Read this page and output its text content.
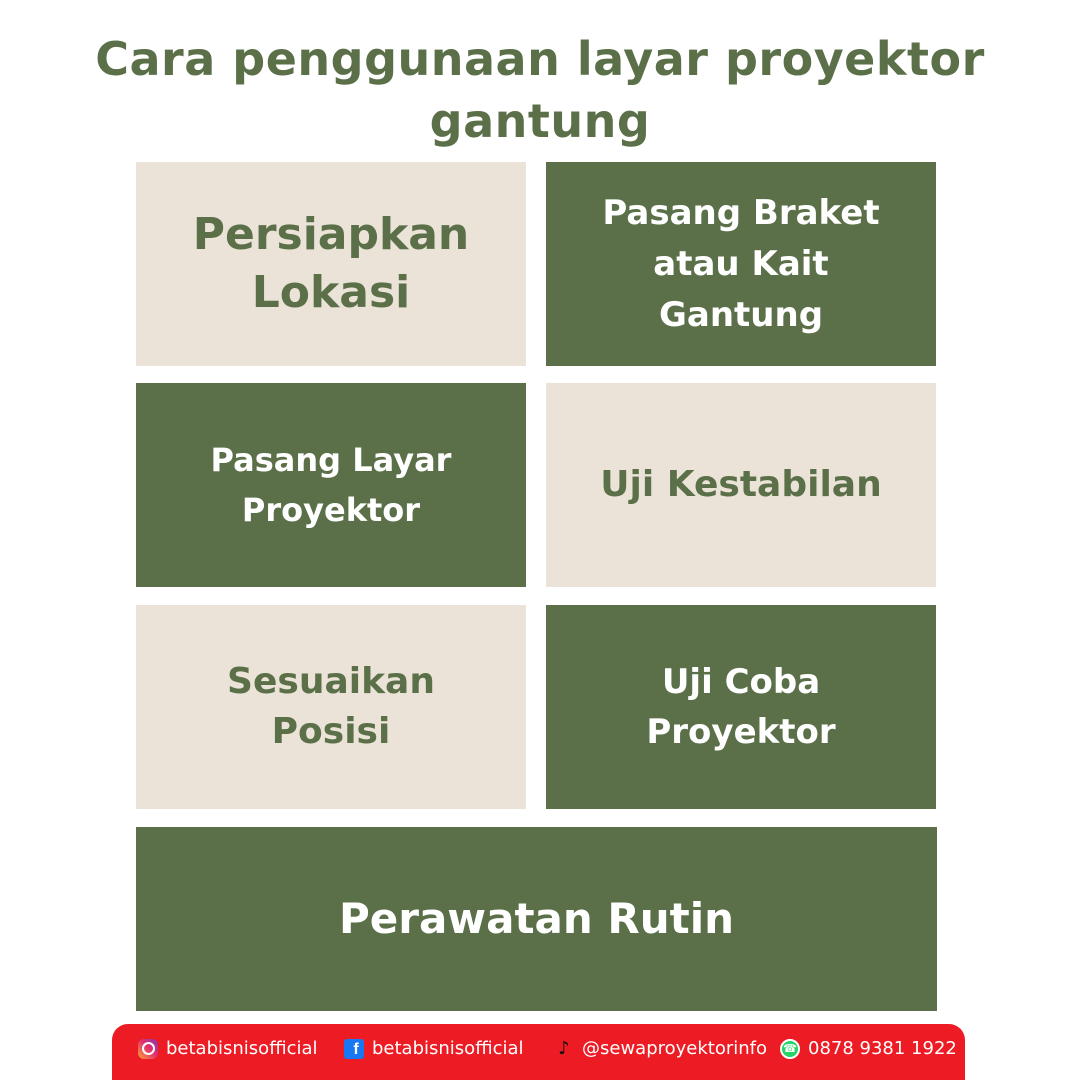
Cara penggunaan layar proyektor
gantung
Persiapkan
Lokasi
Pasang Braket
atau Kait
Gantung
Pasang Layar
Proyektor
Uji Kestabilan
Sesuaikan Posisi
Uji Coba
Proyektor
Perawatan Rutin
betabisnisofficial	f betabisnisofficial ♪ @sewaproyektorinfo ☎ 0878 9381 1922
